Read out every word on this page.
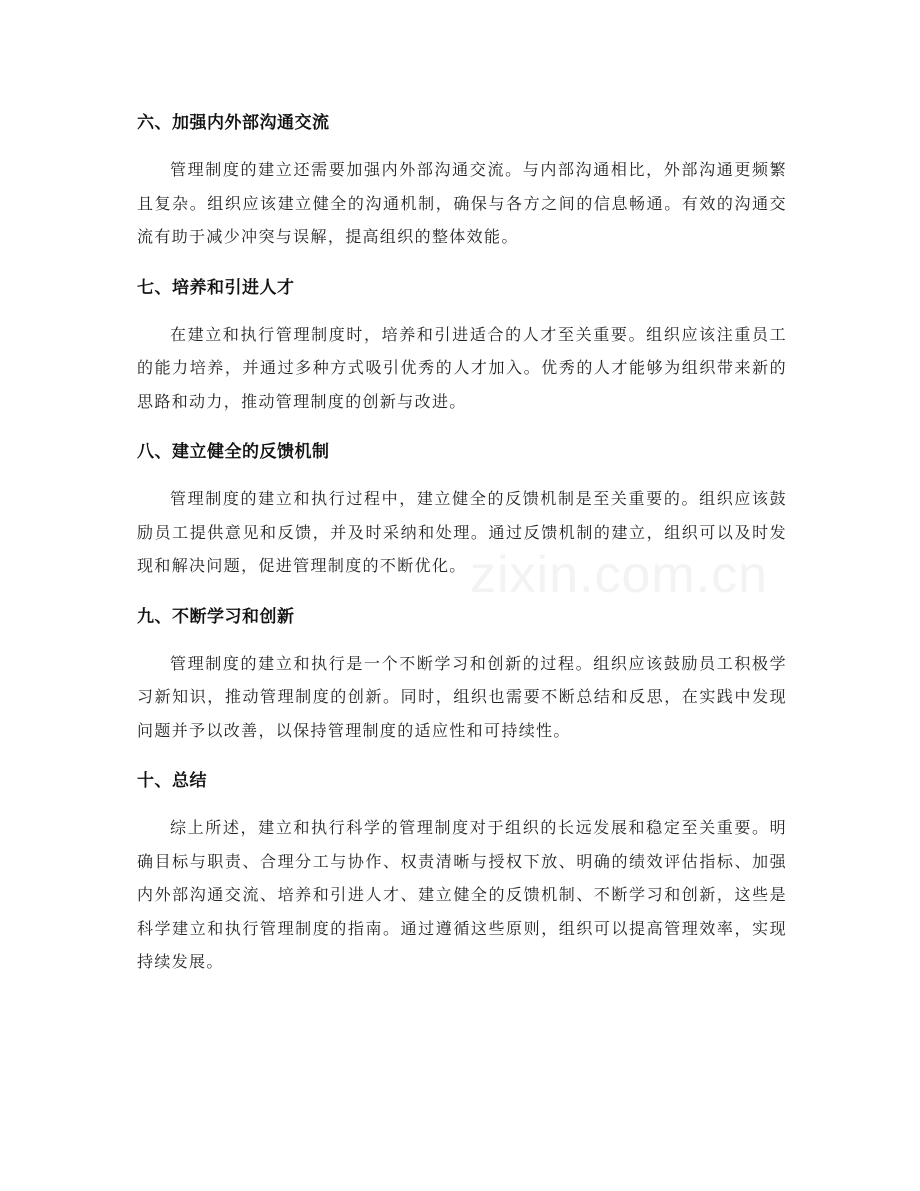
zixin.com.cn
六、加强内外部沟通交流

管理制度的建立还需要加强内外部沟通交流。与内部沟通相比，外部沟通更频繁且复杂。组织应该建立健全的沟通机制，确保与各方之间的信息畅通。有效的沟通交流有助于减少冲突与误解，提高组织的整体效能。

七、培养和引进人才

在建立和执行管理制度时，培养和引进适合的人才至关重要。组织应该注重员工的能力培养，并通过多种方式吸引优秀的人才加入。优秀的人才能够为组织带来新的思路和动力，推动管理制度的创新与改进。

八、建立健全的反馈机制

管理制度的建立和执行过程中，建立健全的反馈机制是至关重要的。组织应该鼓励员工提供意见和反馈，并及时采纳和处理。通过反馈机制的建立，组织可以及时发现和解决问题，促进管理制度的不断优化。

九、不断学习和创新

管理制度的建立和执行是一个不断学习和创新的过程。组织应该鼓励员工积极学习新知识，推动管理制度的创新。同时，组织也需要不断总结和反思，在实践中发现问题并予以改善，以保持管理制度的适应性和可持续性。

十、总结

综上所述，建立和执行科学的管理制度对于组织的长远发展和稳定至关重要。明确目标与职责、合理分工与协作、权责清晰与授权下放、明确的绩效评估指标、加强内外部沟通交流、培养和引进人才、建立健全的反馈机制、不断学习和创新，这些是科学建立和执行管理制度的指南。通过遵循这些原则，组织可以提高管理效率，实现持续发展。
